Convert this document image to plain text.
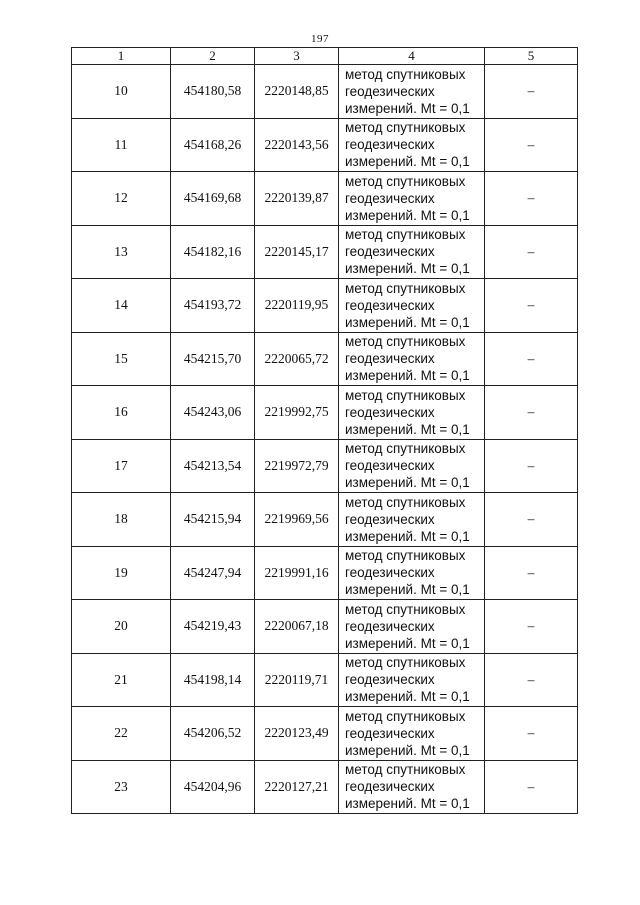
197
1	2	3	4	5
10	454180,58	2220148,85	метод спутниковых
геодезических
измерений. Mt = 0,1	–
11	454168,26	2220143,56	метод спутниковых
геодезических
измерений. Mt = 0,1	–
12	454169,68	2220139,87	метод спутниковых
геодезических
измерений. Mt = 0,1	–
13	454182,16	2220145,17	метод спутниковых
геодезических
измерений. Mt = 0,1	–
14	454193,72	2220119,95	метод спутниковых
геодезических
измерений. Mt = 0,1	–
15	454215,70	2220065,72	метод спутниковых
геодезических
измерений. Mt = 0,1	–
16	454243,06	2219992,75	метод спутниковых
геодезических
измерений. Mt = 0,1	–
17	454213,54	2219972,79	метод спутниковых
геодезических
измерений. Mt = 0,1	–
18	454215,94	2219969,56	метод спутниковых
геодезических
измерений. Mt = 0,1	–
19	454247,94	2219991,16	метод спутниковых
геодезических
измерений. Mt = 0,1	–
20	454219,43	2220067,18	метод спутниковых
геодезических
измерений. Mt = 0,1	–
21	454198,14	2220119,71	метод спутниковых
геодезических
измерений. Mt = 0,1	–
22	454206,52	2220123,49	метод спутниковых
геодезических
измерений. Mt = 0,1	–
23	454204,96	2220127,21	метод спутниковых
геодезических
измерений. Mt = 0,1	–
